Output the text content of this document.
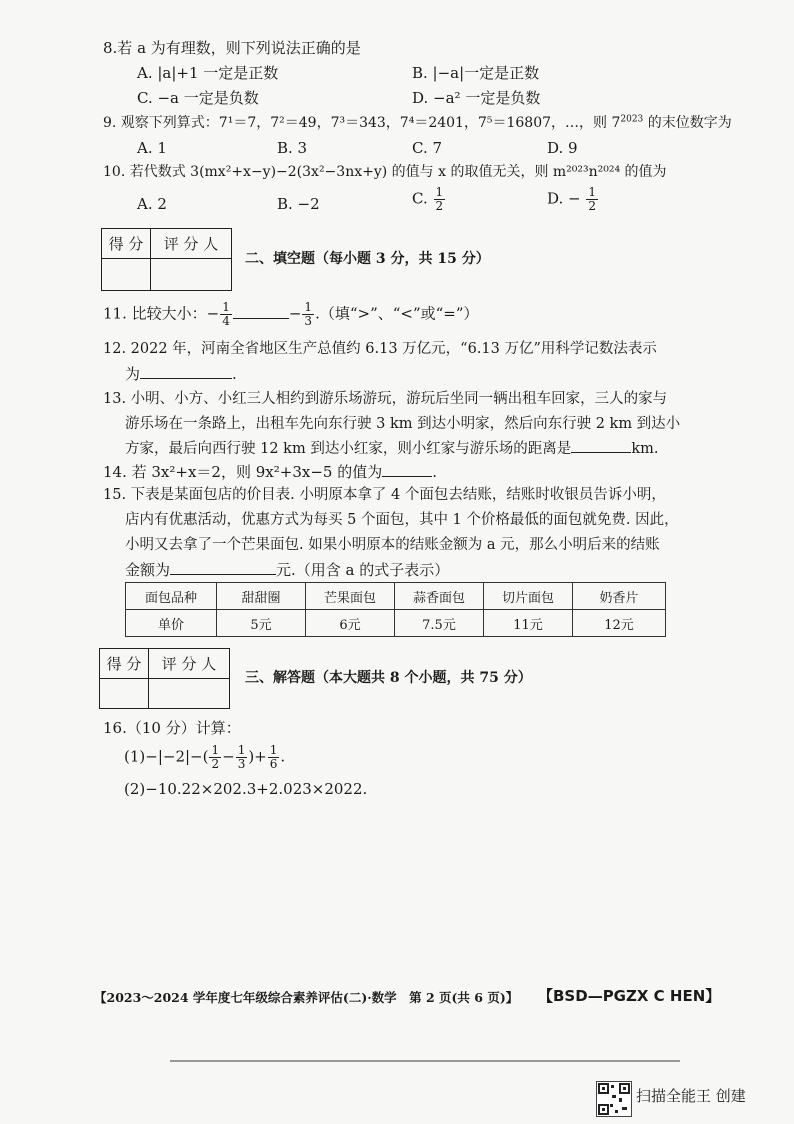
8.若 a 为有理数，则下列说法正确的是
A. |a|+1 一定是正数	B. |−a|一定是正数
C. −a 一定是负数	D. −a² 一定是负数
9. 观察下列算式：7¹＝7，7²＝49，7³＝343，7⁴＝2401，7⁵＝16807，…，则 $7^{2023}$ 的末位数字为
A. 1	B. 3	C. 7	D. 9
10. 若代数式 3(mx²+x−y)−2(3x²−3nx+y) 的值与 x 的取值无关，则 m²⁰²³n²⁰²⁴ 的值为
A. 2	B. −2	C. $\frac{1}{2}$	D. − $\frac{1}{2}$
得 分	评 分 人

二、填空题（每小题 3 分，共 15 分）
11. 比较大小：− $\frac{1}{4}$	− $\frac{1}{3}$ .（填“>”、“<”或“=”）
12. 2022 年，河南全省地区生产总值约 6.13 万亿元，“6.13 万亿”用科学记数法表示
为	.
13. 小明、小方、小红三人相约到游乐场游玩，游玩后坐同一辆出租车回家，三人的家与
游乐场在一条路上，出租车先向东行驶 3 km 到达小明家，然后向东行驶 2 km 到达小
方家，最后向西行驶 12 km 到达小红家，则小红家与游乐场的距离是	km.
14. 若 3x²+x＝2，则 9x²+3x−5 的值为	.
15. 下表是某面包店的价目表. 小明原本拿了 4 个面包去结账，结账时收银员告诉小明，
店内有优惠活动，优惠方式为每买 5 个面包，其中 1 个价格最低的面包就免费. 因此，
小明又去拿了一个芒果面包. 如果小明原本的结账金额为 a 元，那么小明后来的结账
金额为	元.（用含 a 的式子表示）
面包品种	甜甜圈	芒果面包	蒜香面包	切片面包	奶香片
单价	5元	6元	7.5元	11元	12元
得 分	评 分 人

三、解答题（本大题共 8 个小题，共 75 分）
16.（10 分）计算：
$(1)-|-2|-( \frac{1}{2} - \frac{1}{3}$ )+ $\frac{1}{6}$ .
(2)−10.22×202.3+2.023×2022.
【2023～2024 学年度七年级综合素养评估(二)·数学　第 2 页(共 6 页)】 【BSD—PGZX C HEN】
扫描全能王 创建
